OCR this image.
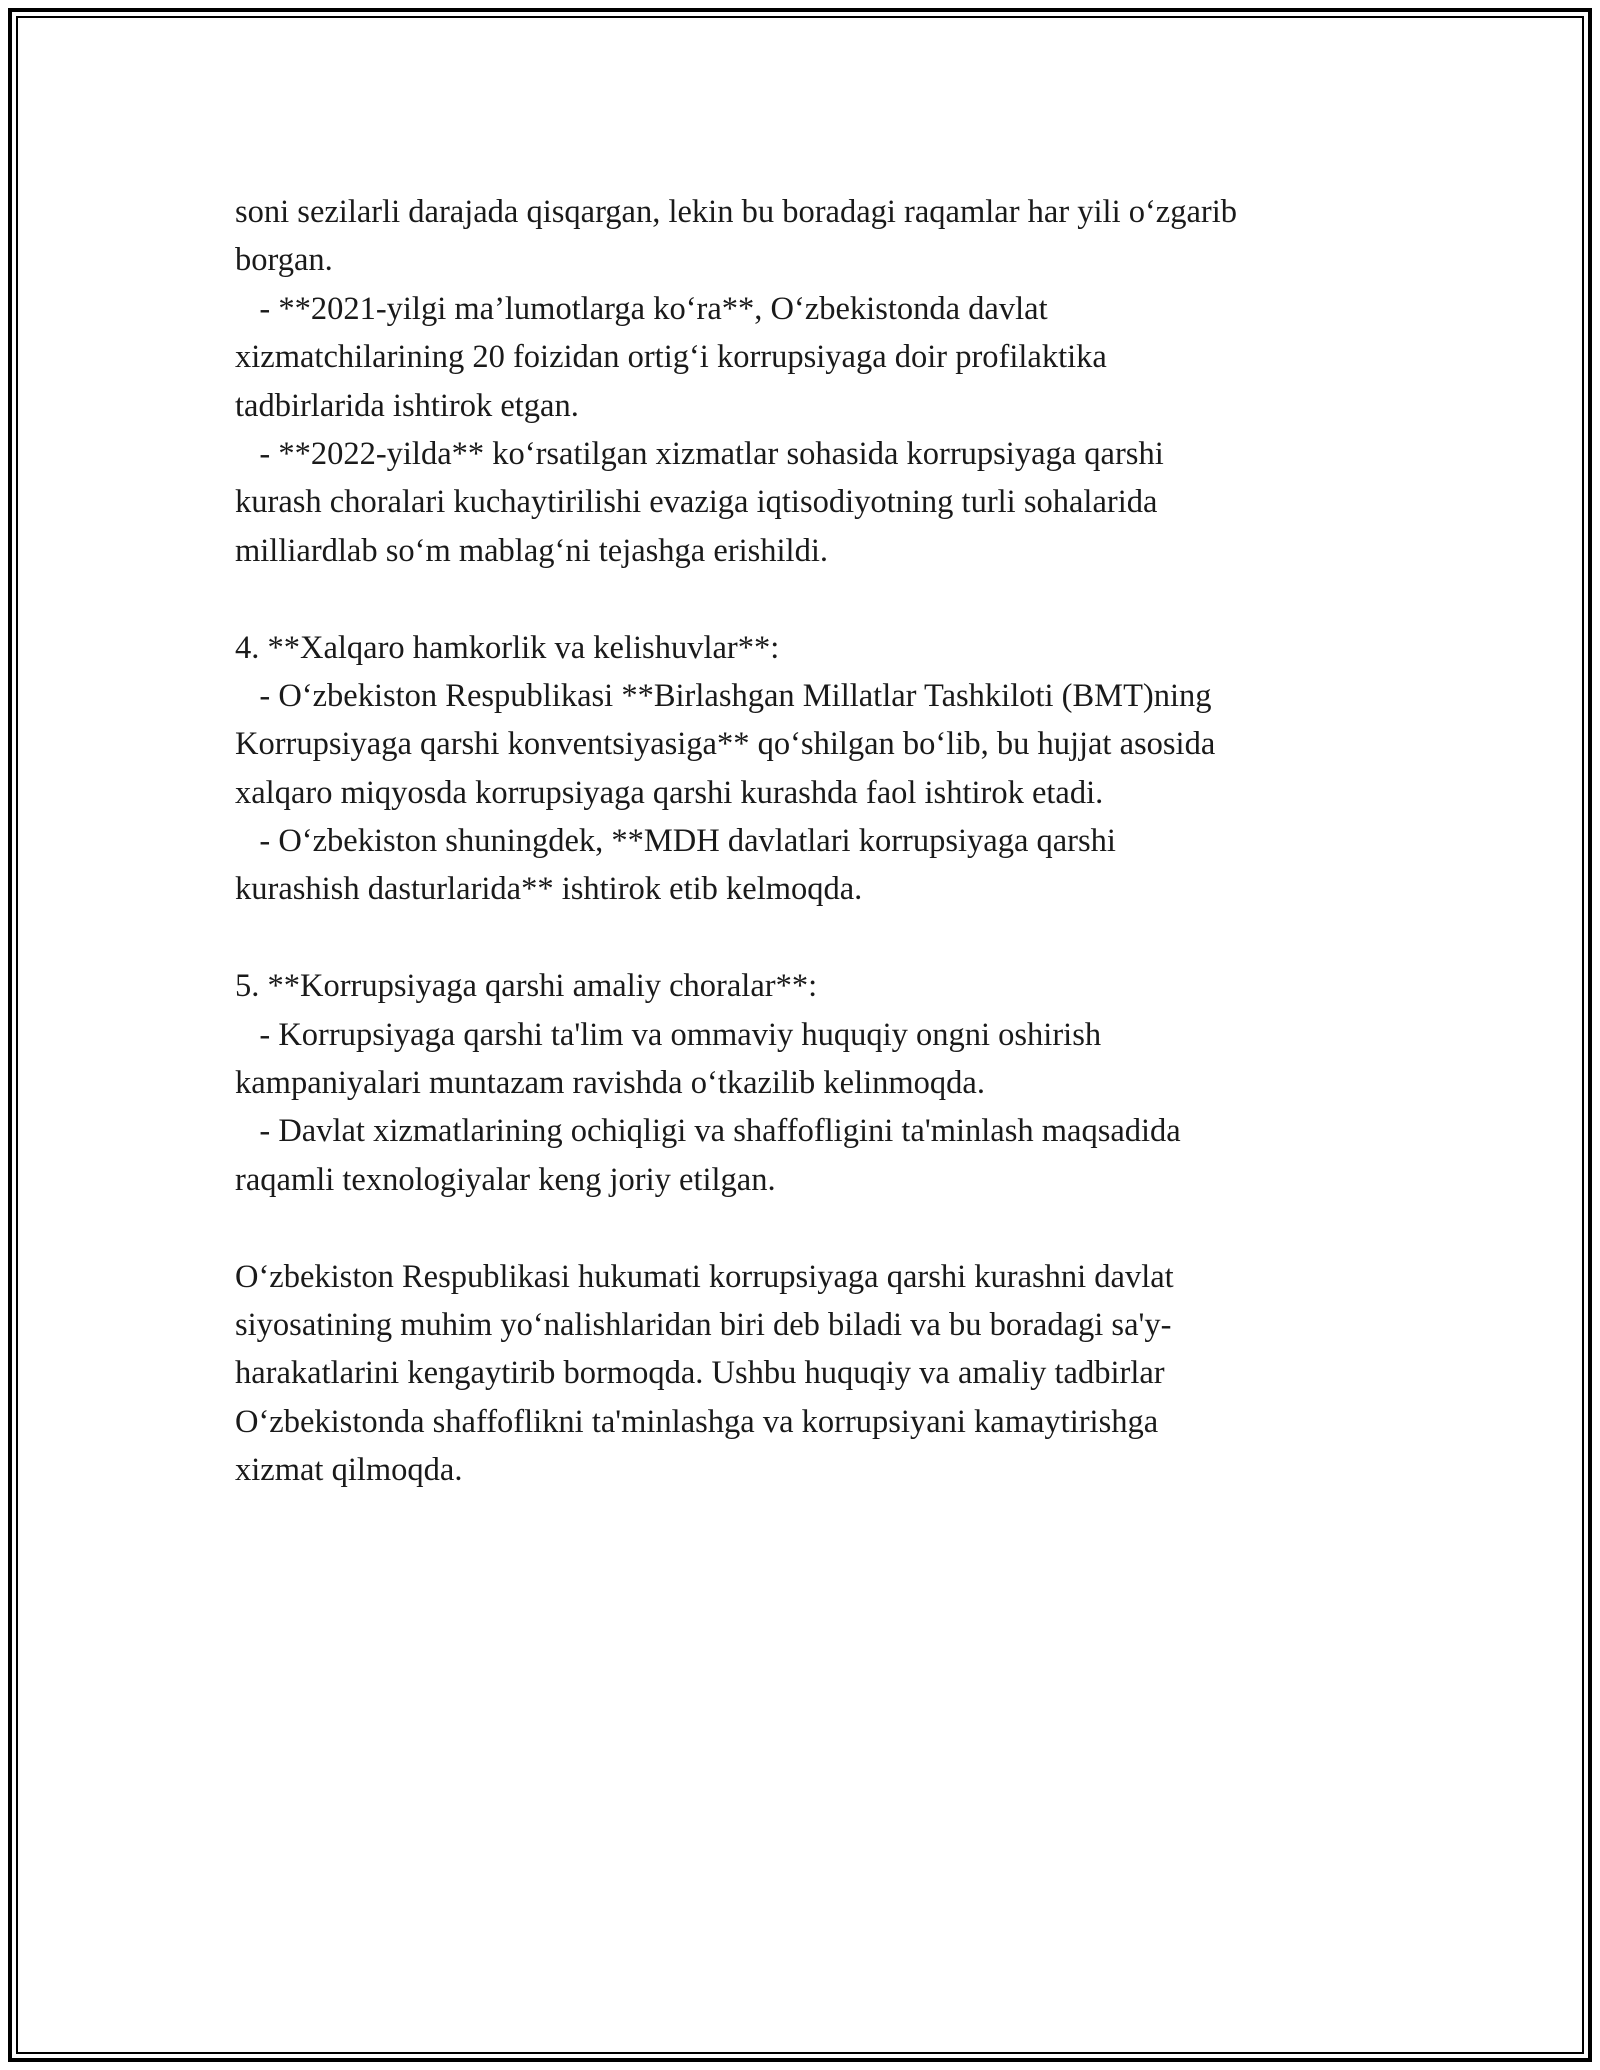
soni sezilarli darajada qisqargan, lekin bu boradagi raqamlar har yili o‘zgarib
borgan.
- **2021-yilgi ma’lumotlarga ko‘ra**, O‘zbekistonda davlat
xizmatchilarining 20 foizidan ortig‘i korrupsiyaga doir profilaktika
tadbirlarida ishtirok etgan.
- **2022-yilda** ko‘rsatilgan xizmatlar sohasida korrupsiyaga qarshi
kurash choralari kuchaytirilishi evaziga iqtisodiyotning turli sohalarida
milliardlab so‘m mablag‘ni tejashga erishildi.
4. **Xalqaro hamkorlik va kelishuvlar**:
- O‘zbekiston Respublikasi **Birlashgan Millatlar Tashkiloti (BMT)ning
Korrupsiyaga qarshi konventsiyasiga** qo‘shilgan bo‘lib, bu hujjat asosida
xalqaro miqyosda korrupsiyaga qarshi kurashda faol ishtirok etadi.
- O‘zbekiston shuningdek, **MDH davlatlari korrupsiyaga qarshi
kurashish dasturlarida** ishtirok etib kelmoqda.
5. **Korrupsiyaga qarshi amaliy choralar**:
- Korrupsiyaga qarshi ta'lim va ommaviy huquqiy ongni oshirish
kampaniyalari muntazam ravishda o‘tkazilib kelinmoqda.
- Davlat xizmatlarining ochiqligi va shaffofligini ta'minlash maqsadida
raqamli texnologiyalar keng joriy etilgan.
O‘zbekiston Respublikasi hukumati korrupsiyaga qarshi kurashni davlat
siyosatining muhim yo‘nalishlaridan biri deb biladi va bu boradagi sa'y-
harakatlarini kengaytirib bormoqda. Ushbu huquqiy va amaliy tadbirlar
O‘zbekistonda shaffoflikni ta'minlashga va korrupsiyani kamaytirishga
xizmat qilmoqda.
